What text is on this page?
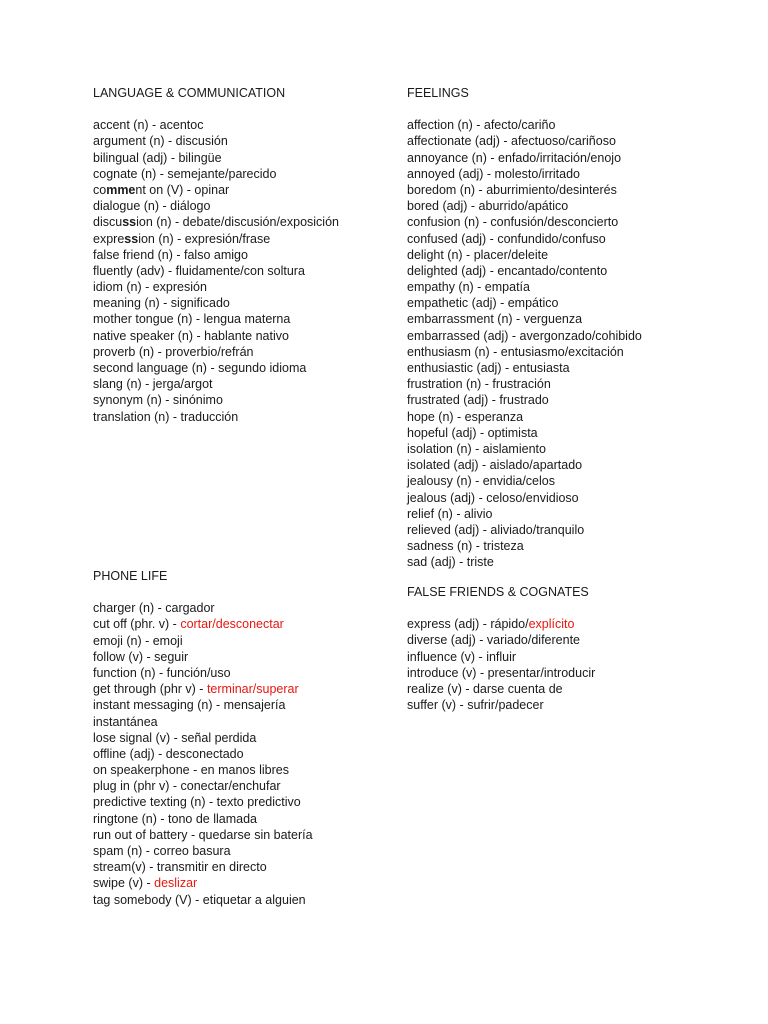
LANGUAGE & COMMUNICATION
accent (n) - acentoc
argument (n) - discusión
bilingual (adj) - bilingüe
cognate (n) - semejante/parecido
comment on (V) - opinar
dialogue (n) - diálogo
discussion (n) - debate/discusión/exposición
expression (n) - expresión/frase
false friend (n) - falso amigo
fluently (adv) - fluidamente/con soltura
idiom (n) - expresión
meaning (n) - significado
mother tongue (n) - lengua materna
native speaker (n) - hablante nativo
proverb (n) - proverbio/refrán
second language (n) - segundo idioma
slang (n) - jerga/argot
synonym (n) - sinónimo
translation (n) - traducción
PHONE LIFE
charger (n) - cargador
cut off (phr. v) - cortar/desconectar
emoji (n) - emoji
follow (v) - seguir
function (n) - función/uso
get through (phr v) - terminar/superar
instant messaging (n) - mensajería
instantánea
lose signal (v) - señal perdida
offline (adj) - desconectado
on speakerphone - en manos libres
plug in (phr v) - conectar/enchufar
predictive texting (n) - texto predictivo
ringtone (n) - tono de llamada
run out of battery - quedarse sin batería
spam (n) - correo basura
stream(v) - transmitir en directo
swipe (v) - deslizar
tag somebody (V) - etiquetar a alguien
FEELINGS
affection (n) - afecto/cariño
affectionate (adj) - afectuoso/cariñoso
annoyance (n) - enfado/irritación/enojo
annoyed (adj) - molesto/irritado
boredom (n) - aburrimiento/desinterés
bored (adj) - aburrido/apático
confusion (n) - confusión/desconcierto
confused (adj) - confundido/confuso
delight (n) - placer/deleite
delighted (adj) - encantado/contento
empathy (n) - empatía
empathetic (adj) - empático
embarrassment (n) - verguenza
embarrassed (adj) - avergonzado/cohibido
enthusiasm (n) - entusiasmo/excitación
enthusiastic (adj) - entusiasta
frustration (n) - frustración
frustrated (adj) - frustrado
hope (n) - esperanza
hopeful (adj) - optimista
isolation (n) - aislamiento
isolated (adj) - aislado/apartado
jealousy (n) - envidia/celos
jealous (adj) - celoso/envidioso
relief (n) - alivio
relieved (adj) - aliviado/tranquilo
sadness (n) - tristeza
sad (adj) - triste
FALSE FRIENDS & COGNATES
express (adj) - rápido/explícito
diverse (adj) - variado/diferente
influence (v) - influir
introduce (v) - presentar/introducir
realize (v) - darse cuenta de
suffer (v) - sufrir/padecer
